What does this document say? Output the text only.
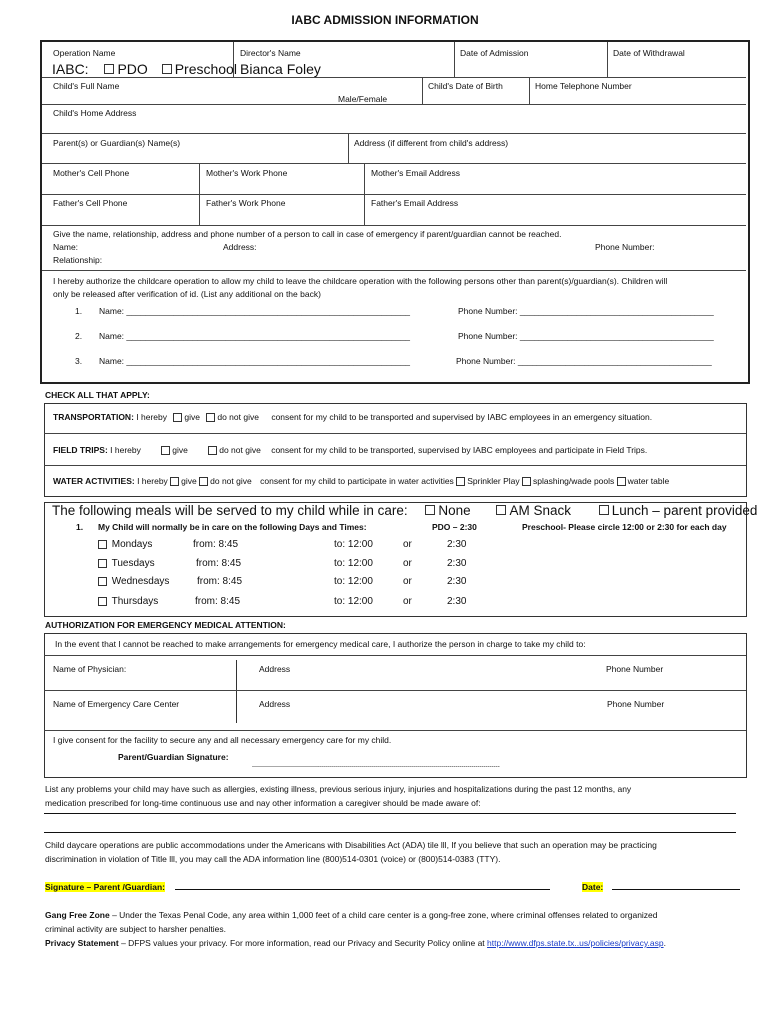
IABC ADMISSION INFORMATION
Operation Name	Director's Name	Date of Admission	Date of Withdrawal
IABC: PDO Preschool Bianca Foley
Child's Full Name
Male/Female
Child's Date of Birth	Home Telephone Number
Child's Home Address
Parent(s) or Guardian(s) Name(s)	Address (if different from child's address)
Mother's Cell Phone	Mother's Work Phone	Mother's Email Address
Father's Cell Phone	Father's Work Phone	Father's Email Address
Give the name, relationship, address and phone number of a person to call in case of emergency if parent/guardian cannot be reached.
Name:	Address:	Phone Number:
Relationship:
I hereby authorize the childcare operation to allow my child to leave the childcare operation with the following persons other than parent(s)/guardian(s). Children will
only be released after verification of id. (List any additional on the back)
1. Name: ____________________________________________________________	Phone Number: _________________________________________
2. Name: ____________________________________________________________	Phone Number: _________________________________________
3. Name: ____________________________________________________________	Phone Number: _________________________________________
CHECK ALL THAT APPLY:
TRANSPORTATION: I hereby give do not give consent for my child to be transported and supervised by IABC employees in an emergency situation.
FIELD TRIPS: I hereby	give	do not give consent for my child to be transported, supervised by IABC employees and participate in Field Trips.
WATER ACTIVITIES: I hereby give do not give consent for my child to participate in water activities Sprinkler Play splashing/wade pools water table
The following meals will be served to my child while in care: None	AM Snack	Lunch – parent provided
1. My Child will normally be in care on the following Days and Times:	PDO – 2:30	Preschool- Please circle 12:00 or 2:30 for each day
Mondays	from: 8:45	to: 12:00	or	2:30
Tuesdays	from: 8:45	to: 12:00	or	2:30
Wednesdays	from: 8:45	to: 12:00	or	2:30
Thursdays	from: 8:45	to: 12:00	or	2:30
AUTHORIZATION FOR EMERGENCY MEDICAL ATTENTION:
In the event that I cannot be reached to make arrangements for emergency medical care, I authorize the person in charge to take my child to:
Name of Physician:	Address	Phone Number
Name of Emergency Care Center	Address	Phone Number
I give consent for the facility to secure any and all necessary emergency care for my child.
Parent/Guardian Signature:
----------------------------------------------------------------------------------------------------------------------------
List any problems your child may have such as allergies, existing illness, previous serious injury, injuries and hospitalizations during the past 12 months, any
medication prescribed for long-time continuous use and nay other information a caregiver should be made aware of:
Child daycare operations are public accommodations under the Americans with Disabilities Act (ADA) tile lll, If you believe that such an operation may be practicing
discrimination in violation of Title lll, you may call the ADA information line (800)514-0301 (voice) or (800)514-0383 (TTY).
Signature – Parent /Guardian:	Date:
Gang Free Zone – Under the Texas Penal Code, any area within 1,000 feet of a child care center is a gong-free zone, where criminal offenses related to organized
criminal activity are subject to harsher penalties.
Privacy Statement – DFPS values your privacy. For more information, read our Privacy and Security Policy online at http://www.dfps.state.tx..us/policies/privacy.asp.
